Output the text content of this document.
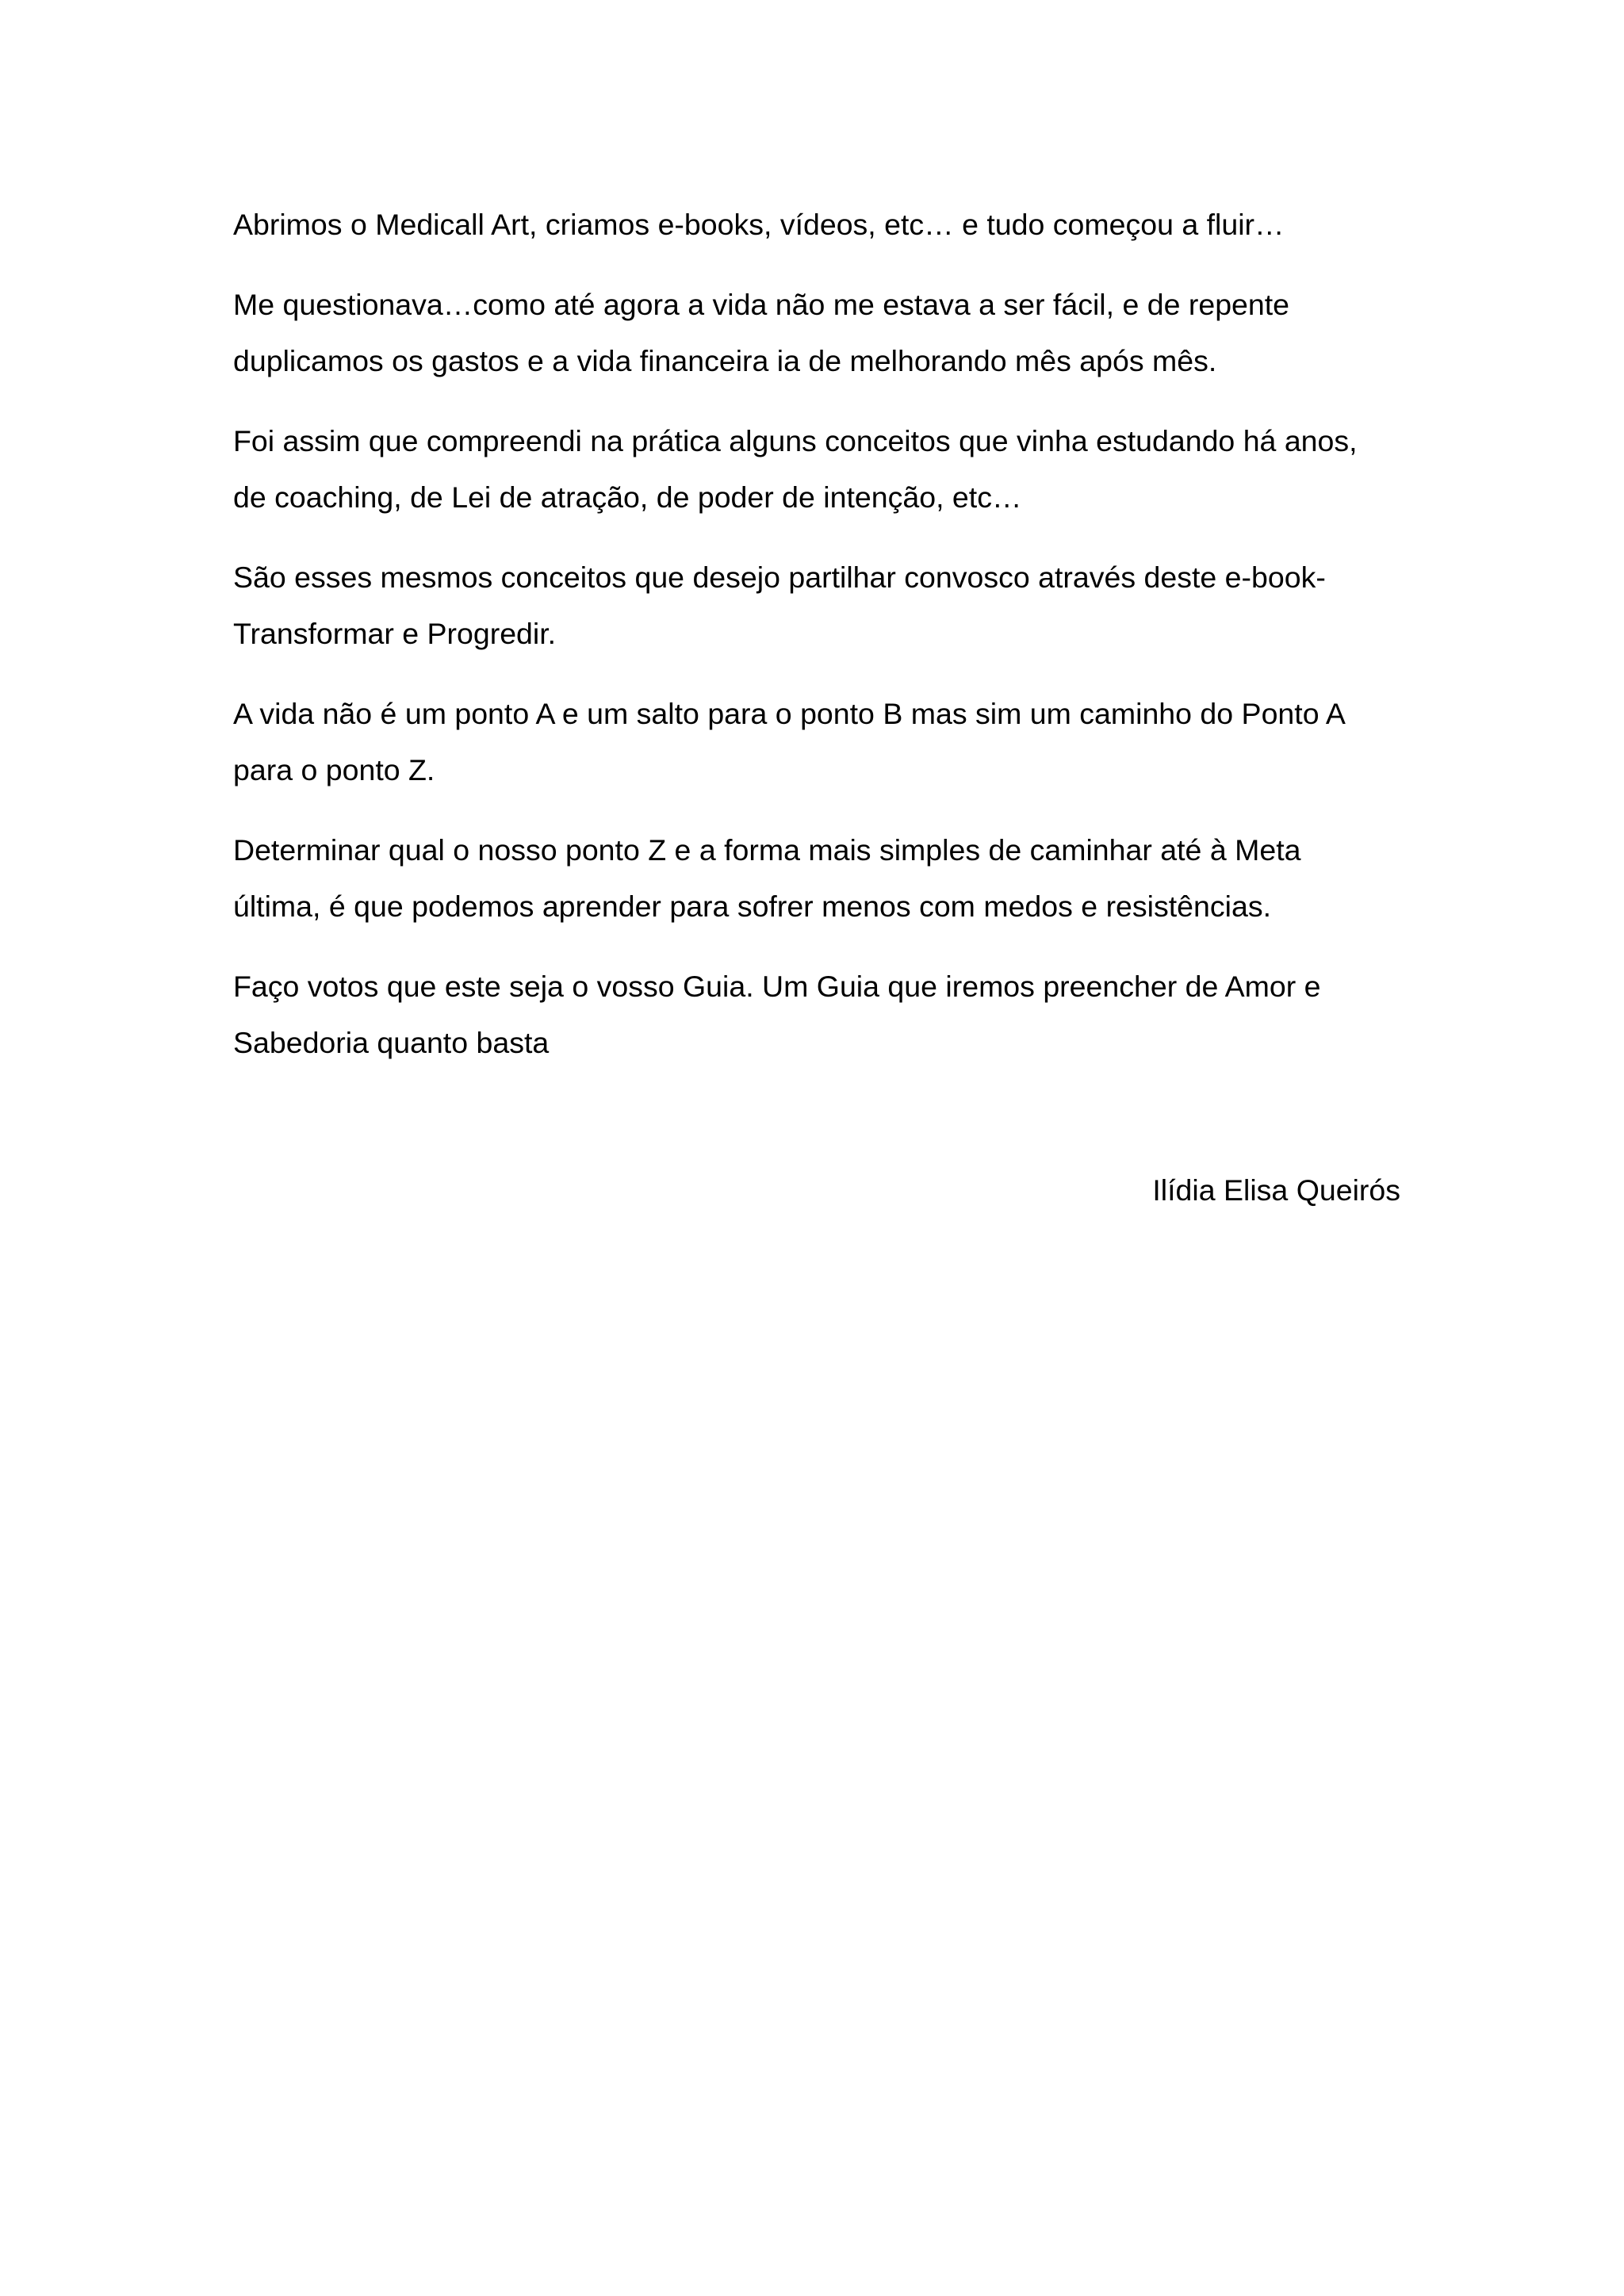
Abrimos o Medicall Art, criamos e-books, vídeos, etc… e tudo começou a fluir…

Me questionava…como até agora a vida não me estava a ser fácil, e de repente
duplicamos os gastos e a vida financeira ia de melhorando mês após mês.

Foi assim que compreendi na prática alguns conceitos que vinha estudando há anos,
de coaching, de Lei de atração, de poder de intenção, etc…

São esses mesmos conceitos que desejo partilhar convosco através deste e-book-
Transformar e Progredir.

A vida não é um ponto A e um salto para o ponto B mas sim um caminho do Ponto A
para o ponto Z.

Determinar qual o nosso ponto Z e a forma mais simples de caminhar até à Meta
última, é que podemos aprender para sofrer menos com medos e resistências.

Faço votos que este seja o vosso Guia. Um Guia que iremos preencher de Amor e
Sabedoria quanto basta

Ilídia Elisa Queirós
